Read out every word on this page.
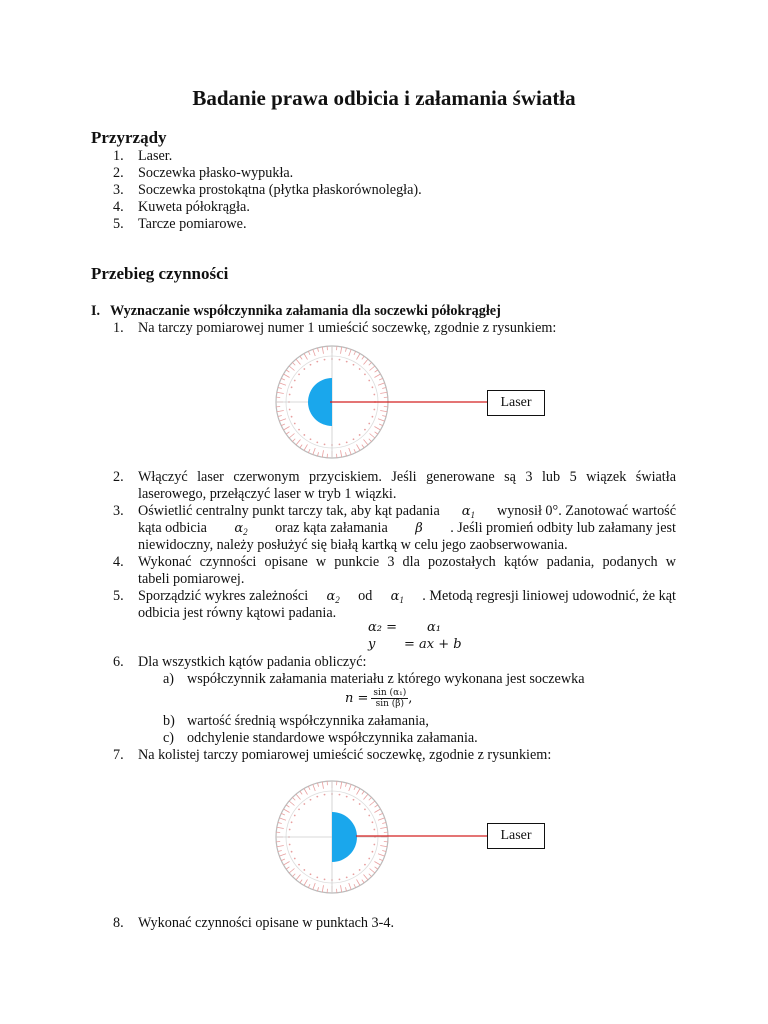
Badanie prawa odbicia i załamania światła
Przyrządy
1. Laser.
2. Soczewka płasko-wypukła.
3. Soczewka prostokątna (płytka płaskorównoległa).
4. Kuweta półokrągła.
5. Tarcze pomiarowe.
Przebieg czynności
I. Wyznaczanie współczynnika załamania dla soczewki półokrągłej
1. Na tarczy pomiarowej numer 1 umieścić soczewkę, zgodnie z rysunkiem:
Laser
2. Włączyć laser czerwonym przyciskiem. Jeśli generowane są 3 lub 5 wiązek światła
laserowego, przełączyć laser w tryb 1 wiązki.
3. Oświetlić centralny punkt tarczy tak, aby kąt padania $\alpha_1$ wynosił 0°. Zanotować wartość
kąta odbicia $\alpha_2$ oraz kąta załamania β . Jeśli promień odbity lub załamany jest
niewidoczny, należy posłużyć się białą kartką w celu jego zaobserwowania.
4. Wykonać czynności opisane w punkcie 3 dla pozostałych kątów padania, podanych w
tabeli pomiarowej.
5. Sporządzić wykres zależności $\alpha_2$ od $\alpha_1$ . Metodą regresji liniowej udowodnić, że kąt
odbicia jest równy kątowi padania.
α₂ = α₁
y = ax + b
6. Dla wszystkich kątów padania obliczyć:
a) współczynnik załamania materiału z którego wykonana jest soczewka
$n = \frac{\text{sin (α₁)}}{\sin (\beta)}$ ,
b) wartość średnią współczynnika załamania,
c) odchylenie standardowe współczynnika załamania.
7. Na kolistej tarczy pomiarowej umieścić soczewkę, zgodnie z rysunkiem:
Laser
8. Wykonać czynności opisane w punktach 3-4.
